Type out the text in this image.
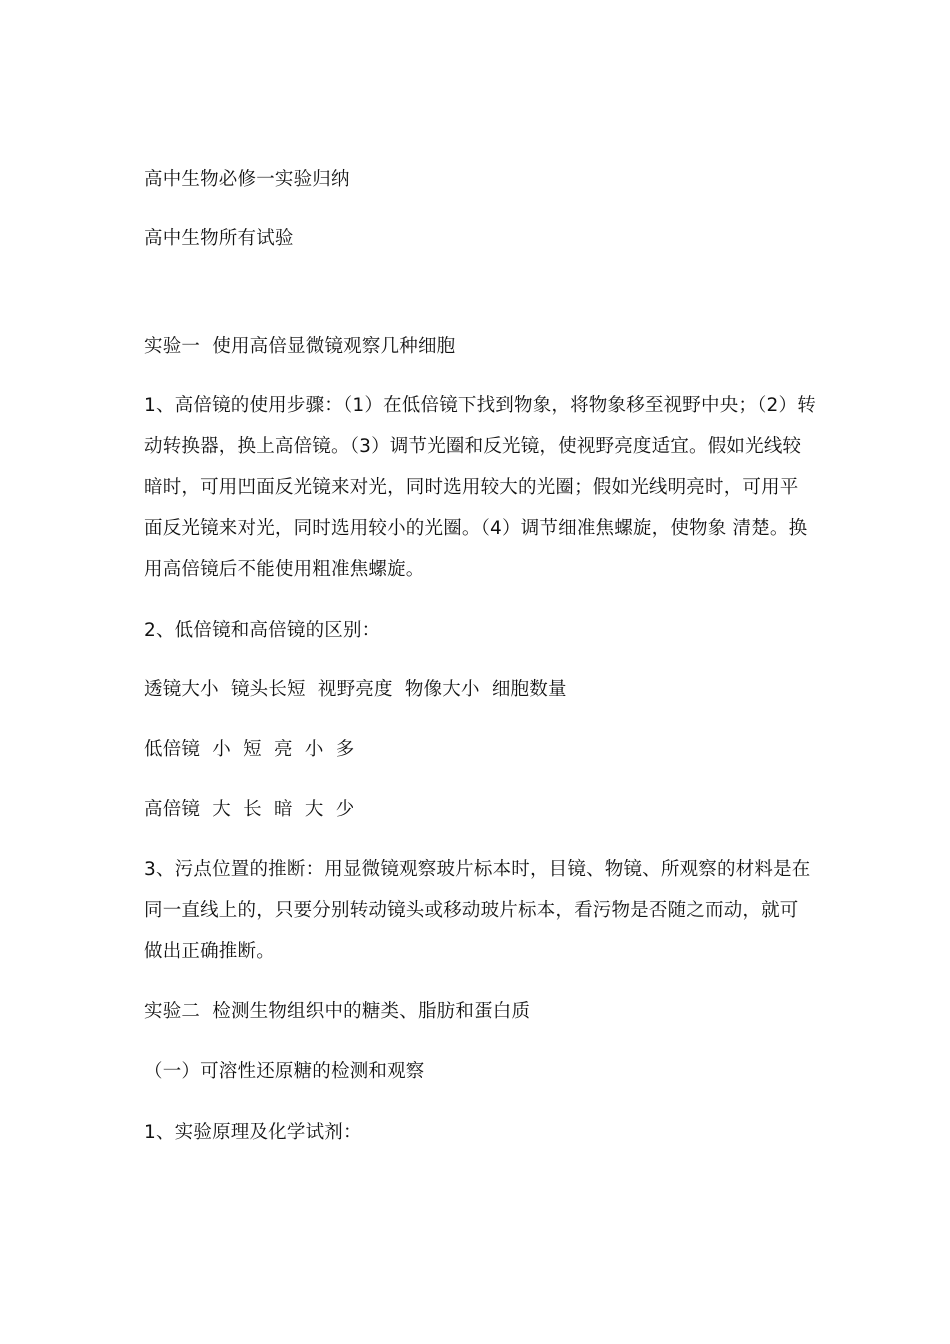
高中生物必修一实验归纳
高中生物所有试验
实验一  使用高倍显微镜观察几种细胞
1、高倍镜的使用步骤：（1）在低倍镜下找到物象，将物象移至视野中央；（2）转动转换器，换上高倍镜。（3）调节光圈和反光镜，使视野亮度适宜。假如光线较暗时，可用凹面反光镜来对光，同时选用较大的光圈；假如光线明亮时，可用平面反光镜来对光，同时选用较小的光圈。（4）调节细准焦螺旋，使物象 清楚。换用高倍镜后不能使用粗准焦螺旋。
2、低倍镜和高倍镜的区别：
透镜大小  镜头长短  视野亮度  物像大小  细胞数量
低倍镜  小  短  亮  小  多
高倍镜  大  长  暗  大  少
3、污点位置的推断：用显微镜观察玻片标本时，目镜、物镜、所观察的材料是在同一直线上的，只要分别转动镜头或移动玻片标本，看污物是否随之而动，就可做出正确推断。
实验二  检测生物组织中的糖类、脂肪和蛋白质
（一）可溶性还原糖的检测和观察
1、实验原理及化学试剂：
